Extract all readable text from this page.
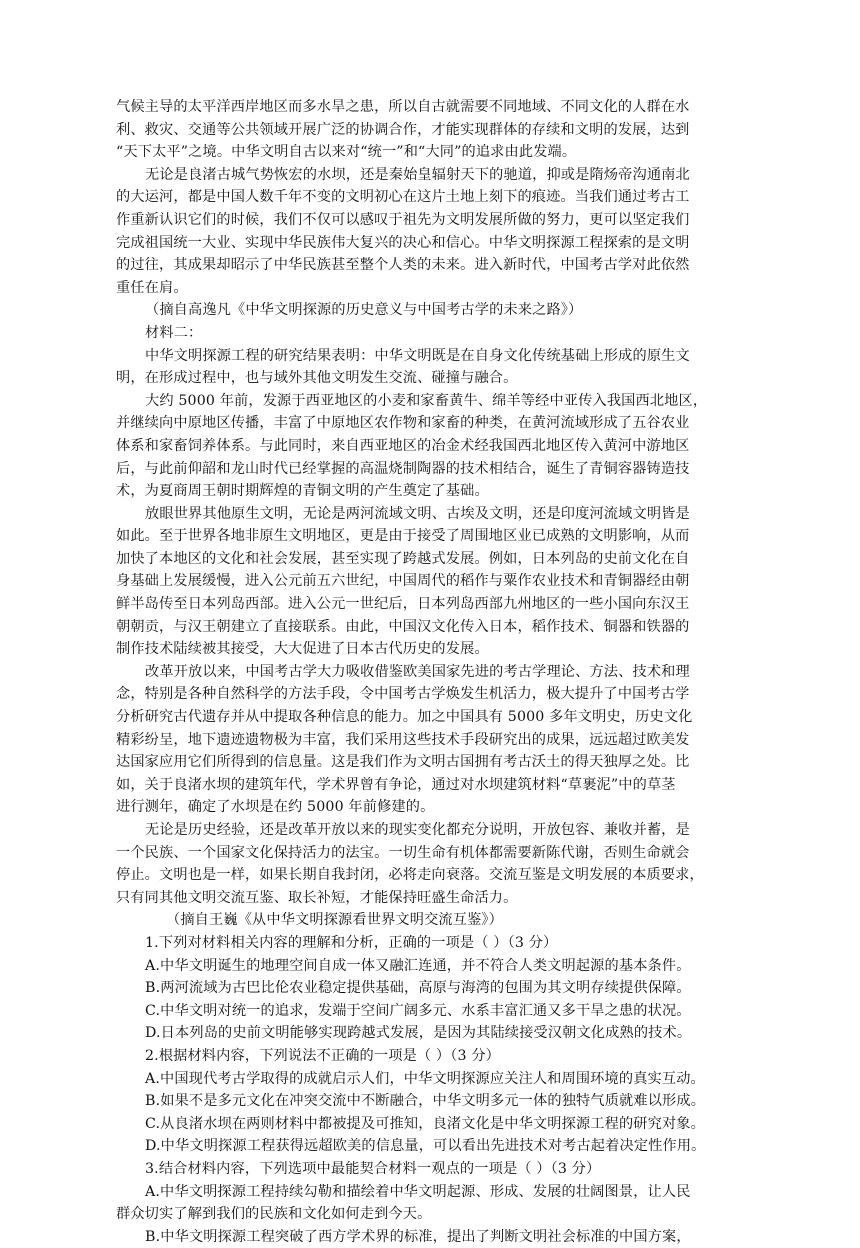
气候主导的太平洋西岸地区而多水旱之患，所以自古就需要不同地域、不同文化的人群在水
利、救灾、交通等公共领域开展广泛的协调合作，才能实现群体的存续和文明的发展，达到
“天下太平”之境。中华文明自古以来对“统一”和“大同”的追求由此发端。
无论是良渚古城气势恢宏的水坝，还是秦始皇辐射天下的驰道，抑或是隋炀帝沟通南北
的大运河，都是中国人数千年不变的文明初心在这片土地上刻下的痕迹。当我们通过考古工
作重新认识它们的时候，我们不仅可以感叹于祖先为文明发展所做的努力，更可以坚定我们
完成祖国统一大业、实现中华民族伟大复兴的决心和信心。中华文明探源工程探索的是文明
的过往，其成果却昭示了中华民族甚至整个人类的未来。进入新时代，中国考古学对此依然
重任在肩。
（摘自高逸凡《中华文明探源的历史意义与中国考古学的未来之路》）
材料二：
中华文明探源工程的研究结果表明：中华文明既是在自身文化传统基础上形成的原生文
明，在形成过程中，也与域外其他文明发生交流、碰撞与融合。
大约 5000 年前，发源于西亚地区的小麦和家畜黄牛、绵羊等经中亚传入我国西北地区，
并继续向中原地区传播，丰富了中原地区农作物和家畜的种类，在黄河流域形成了五谷农业
体系和家畜饲养体系。与此同时，来自西亚地区的冶金术经我国西北地区传入黄河中游地区
后，与此前仰韶和龙山时代已经掌握的高温烧制陶器的技术相结合，诞生了青铜容器铸造技
术，为夏商周王朝时期辉煌的青铜文明的产生奠定了基础。
放眼世界其他原生文明，无论是两河流域文明、古埃及文明，还是印度河流域文明皆是
如此。至于世界各地非原生文明地区，更是由于接受了周围地区业已成熟的文明影响，从而
加快了本地区的文化和社会发展，甚至实现了跨越式发展。例如，日本列岛的史前文化在自
身基础上发展缓慢，进入公元前五六世纪，中国周代的稻作与粟作农业技术和青铜器经由朝
鲜半岛传至日本列岛西部。进入公元一世纪后，日本列岛西部九州地区的一些小国向东汉王
朝朝贡，与汉王朝建立了直接联系。由此，中国汉文化传入日本，稻作技术、铜器和铁器的
制作技术陆续被其接受，大大促进了日本古代历史的发展。
改革开放以来，中国考古学大力吸收借鉴欧美国家先进的考古学理论、方法、技术和理
念，特别是各种自然科学的方法手段，令中国考古学焕发生机活力，极大提升了中国考古学
分析研究古代遗存并从中提取各种信息的能力。加之中国具有 5000 多年文明史，历史文化
精彩纷呈，地下遗迹遗物极为丰富，我们采用这些技术手段研究出的成果，远远超过欧美发
达国家应用它们所得到的信息量。这是我们作为文明古国拥有考古沃土的得天独厚之处。比
如，关于良渚水坝的建筑年代，学术界曾有争论，通过对水坝建筑材料“草裹泥”中的草茎
进行测年，确定了水坝是在约 5000 年前修建的。
无论是历史经验，还是改革开放以来的现实变化都充分说明，开放包容、兼收并蓄，是
一个民族、一个国家文化保持活力的法宝。一切生命有机体都需要新陈代谢，否则生命就会
停止。文明也是一样，如果长期自我封闭，必将走向衰落。交流互鉴是文明发展的本质要求，
只有同其他文明交流互鉴、取长补短，才能保持旺盛生命活力。
（摘自王巍《从中华文明探源看世界文明交流互鉴》）
1.下列对材料相关内容的理解和分析，正确的一项是（ ）（3 分）
A.中华文明诞生的地理空间自成一体又融汇连通，并不符合人类文明起源的基本条件。
B.两河流域为古巴比伦农业稳定提供基础，高原与海湾的包围为其文明存续提供保障。
C.中华文明对统一的追求，发端于空间广阔多元、水系丰富汇通又多干旱之患的状况。
D.日本列岛的史前文明能够实现跨越式发展，是因为其陆续接受汉朝文化成熟的技术。
2.根据材料内容，下列说法不正确的一项是（ ）（3 分）
A.中国现代考古学取得的成就启示人们，中华文明探源应关注人和周围环境的真实互动。
B.如果不是多元文化在冲突交流中不断融合，中华文明多元一体的独特气质就难以形成。
C.从良渚水坝在两则材料中都被提及可推知，良渚文化是中华文明探源工程的研究对象。
D.中华文明探源工程获得远超欧美的信息量，可以看出先进技术对考古起着决定性作用。
3.结合材料内容，下列选项中最能契合材料一观点的一项是（ ）（3 分）
A.中华文明探源工程持续勾勒和描绘着中华文明起源、形成、发展的壮阔图景，让人民
群众切实了解到我们的民族和文化如何走到今天。
B.中华文明探源工程突破了西方学术界的标准，提出了判断文明社会标准的中国方案，
